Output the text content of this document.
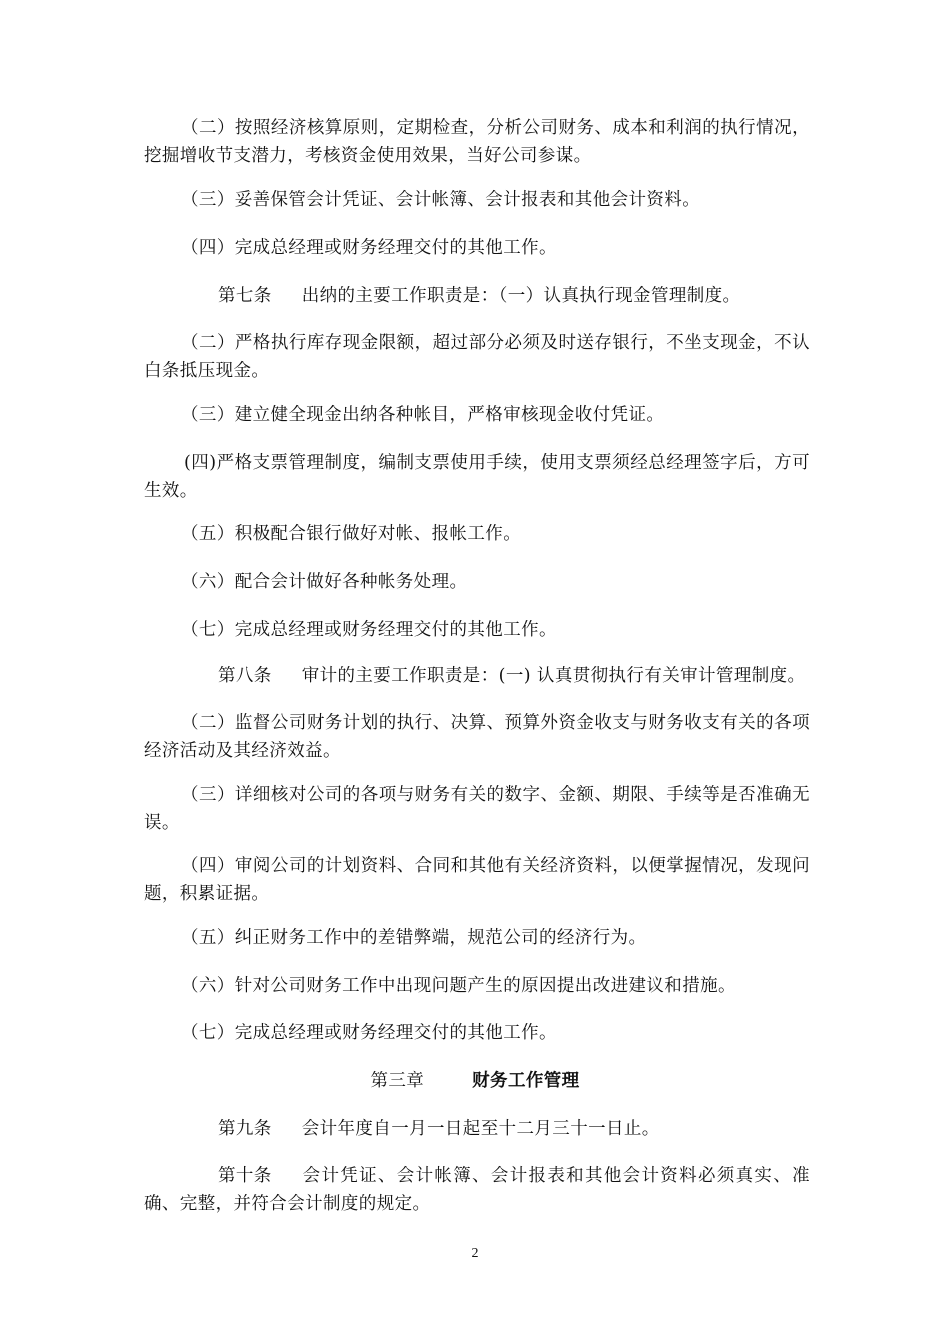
（二）按照经济核算原则，定期检查，分析公司财务、成本和利润的执行情况，挖掘增收节支潜力，考核资金使用效果，当好公司参谋。

（三）妥善保管会计凭证、会计帐簿、会计报表和其他会计资料。

（四）完成总经理或财务经理交付的其他工作。

第七条 出纳的主要工作职责是：（一）认真执行现金管理制度。

（二）严格执行库存现金限额，超过部分必须及时送存银行，不坐支现金，不认白条抵压现金。

（三）建立健全现金出纳各种帐目，严格审核现金收付凭证。

(四)严格支票管理制度，编制支票使用手续，使用支票须经总经理签字后，方可生效。

（五）积极配合银行做好对帐、报帐工作。

（六）配合会计做好各种帐务处理。

（七）完成总经理或财务经理交付的其他工作。

第八条 审计的主要工作职责是：(一) 认真贯彻执行有关审计管理制度。

（二）监督公司财务计划的执行、决算、预算外资金收支与财务收支有关的各项经济活动及其经济效益。

（三）详细核对公司的各项与财务有关的数字、金额、期限、手续等是否准确无误。

（四）审阅公司的计划资料、合同和其他有关经济资料，以便掌握情况，发现问题，积累证据。

（五）纠正财务工作中的差错弊端，规范公司的经济行为。

（六）针对公司财务工作中出现问题产生的原因提出改进建议和措施。

（七）完成总经理或财务经理交付的其他工作。

第三章	财务工作管理

第九条 会计年度自一月一日起至十二月三十一日止。

第十条 会计凭证、会计帐簿、会计报表和其他会计资料必须真实、准确、完整，并符合会计制度的规定。

2
